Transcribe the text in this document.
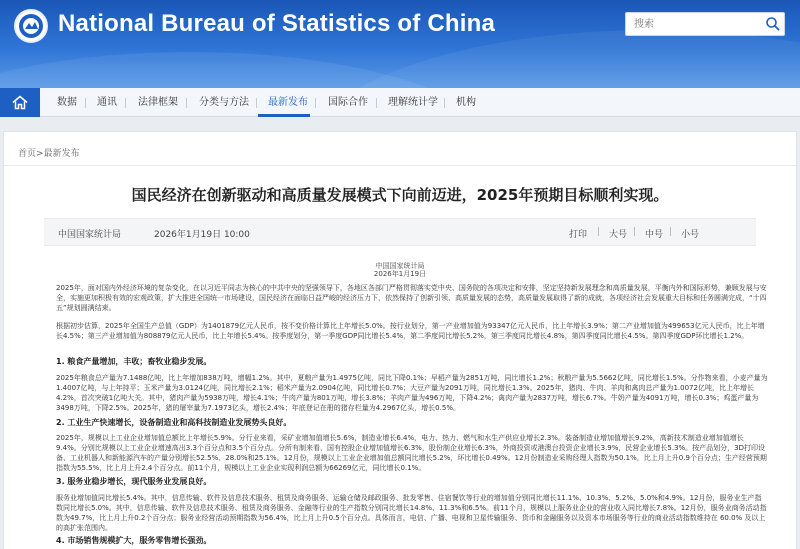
National Bureau of Statistics of China
搜索
数据 通讯 法律框架 分类与方法 最新发布 国际合作 理解统计学 机构
首页>最新发布
国民经济在创新驱动和高质量发展模式下向前迈进，2025年预期目标顺利实现。
中国国家统计局	2026年1月19日 10:00	打印 | 大号 | 中号 | 小号
中国国家统计局
2026年1月19日
2025年，面对国内外经济环境的复杂变化，在以习近平同志为核心的中共中央的坚强领导下，各地区各部门严格贯彻落实党中央、国务院的各项决定和安排，坚定坚持新发展理念和高质量发展，平衡内外和国际形势，兼顾发展与安全，实施更加积极有效的宏观政策，扩大推进全国统一市场建设，国民经济在面临日益严峻的经济压力下，依然保持了创新引领、高质量发展的态势，高质量发展取得了新的成就，各项经济社会发展重大目标和任务圆满完成，“十四五”规划圆满结束。
根据初步估算，2025年全国生产总值（GDP）为1401879亿元人民币，按不变价格计算比上年增长5.0%。按行业划分，第一产业增加值为93347亿元人民币，比上年增长3.9%；第二产业增加值为499653亿元人民币，比上年增长4.5%；第三产业增加值为808879亿元人民币，比上年增长5.4%。按季度划分，第一季度GDP同比增长5.4%，第二季度同比增长5.2%，第三季度同比增长4.8%，第四季度同比增长4.5%。第四季度GDP环比增长1.2%。
1. 粮食产量增加，丰收；畜牧业稳步发展。
2025年粮食总产量为7.1488亿吨，比上年增加838万吨，增幅1.2%。其中，夏粮产量为1.4975亿吨，同比下降0.1%；早稻产量为2851万吨，同比增长1.2%；秋粮产量为5.5662亿吨，同比增长1.5%。分作物来看，小麦产量为1.4007亿吨，与上年持平；玉米产量为3.0124亿吨，同比增长2.1%；稻米产量为2.0904亿吨，同比增长0.7%；大豆产量为2091万吨，同比增长1.3%。2025年，猪肉、牛肉、羊肉和禽肉总产量为1.0072亿吨，比上年增长4.2%，首次突破1亿吨大关。其中，猪肉产量为5938万吨，增长4.1%；牛肉产量为801万吨，增长3.8%；羊肉产量为496万吨，下降4.2%；禽肉产量为2837万吨，增长6.7%。牛奶产量为4091万吨，增长0.3%；鸡蛋产量为3498万吨，下降2.5%。2025年，猪的屠宰量为7.1973亿头，增长2.4%；年底登记在册的猪存栏量为4.2967亿头，增长0.5%。
2. 工业生产快速增长，设备制造业和高科技制造业发展势头良好。
2025年，规模以上工业企业增加值总额比上年增长5.9%。分行业来看，采矿业增加值增长5.6%，制造业增长6.4%，电力、热力、燃气和水生产供应业增长2.3%。装备制造业增加值增长9.2%，高新技术制造业增加值增长9.4%。分别比规模以上工业企业增速高出3.3个百分点和3.5个百分点。分所有制来看，国有控股企业增加值增长6.3%，股份制企业增长6.3%，外商投资或港澳台投资企业增长3.9%，民营企业增长5.3%。按产品划分，3D打印设备、工业机器人和新能源汽车的产量分别增长52.5%、28.0%和25.1%。12月份，规模以上工业企业增加值总额同比增长5.2%，环比增长0.49%。12月份制造业采购经理人指数为50.1%，比上月上升0.9个百分点；生产经营预期指数为55.5%，比上月上升2.4个百分点。前11个月，规模以上工业企业实现利润总额为66269亿元，同比增长0.1%。
3. 服务业稳步增长，现代服务业发展良好。
服务业增加值同比增长5.4%。其中，信息传输、软件及信息技术服务、租赁及商务服务、运输仓储及邮政服务、批发零售、住宿餐饮等行业的增加值分别同比增长11.1%、10.3%、5.2%、5.0%和4.9%。12月份，服务业生产指数同比增长5.0%。其中，信息传输、软件及信息技术服务、租赁及商务服务、金融等行业的生产指数分别同比增长14.8%、11.3%和6.5%。前11个月，规模以上服务业企业的营业收入同比增长7.8%。12月份，服务业商务活动指数为49.7%，比上月上升0.2个百分点；服务业经营活动预期指数为56.4%，比上月上升0.5个百分点。具体而言，电信、广播、电视和卫星传输服务、货币和金融服务以及资本市场服务等行业的商业活动指数维持在 60.0% 及以上的高扩张范围内。
4. 市场销售规模扩大，服务零售增长强劲。
